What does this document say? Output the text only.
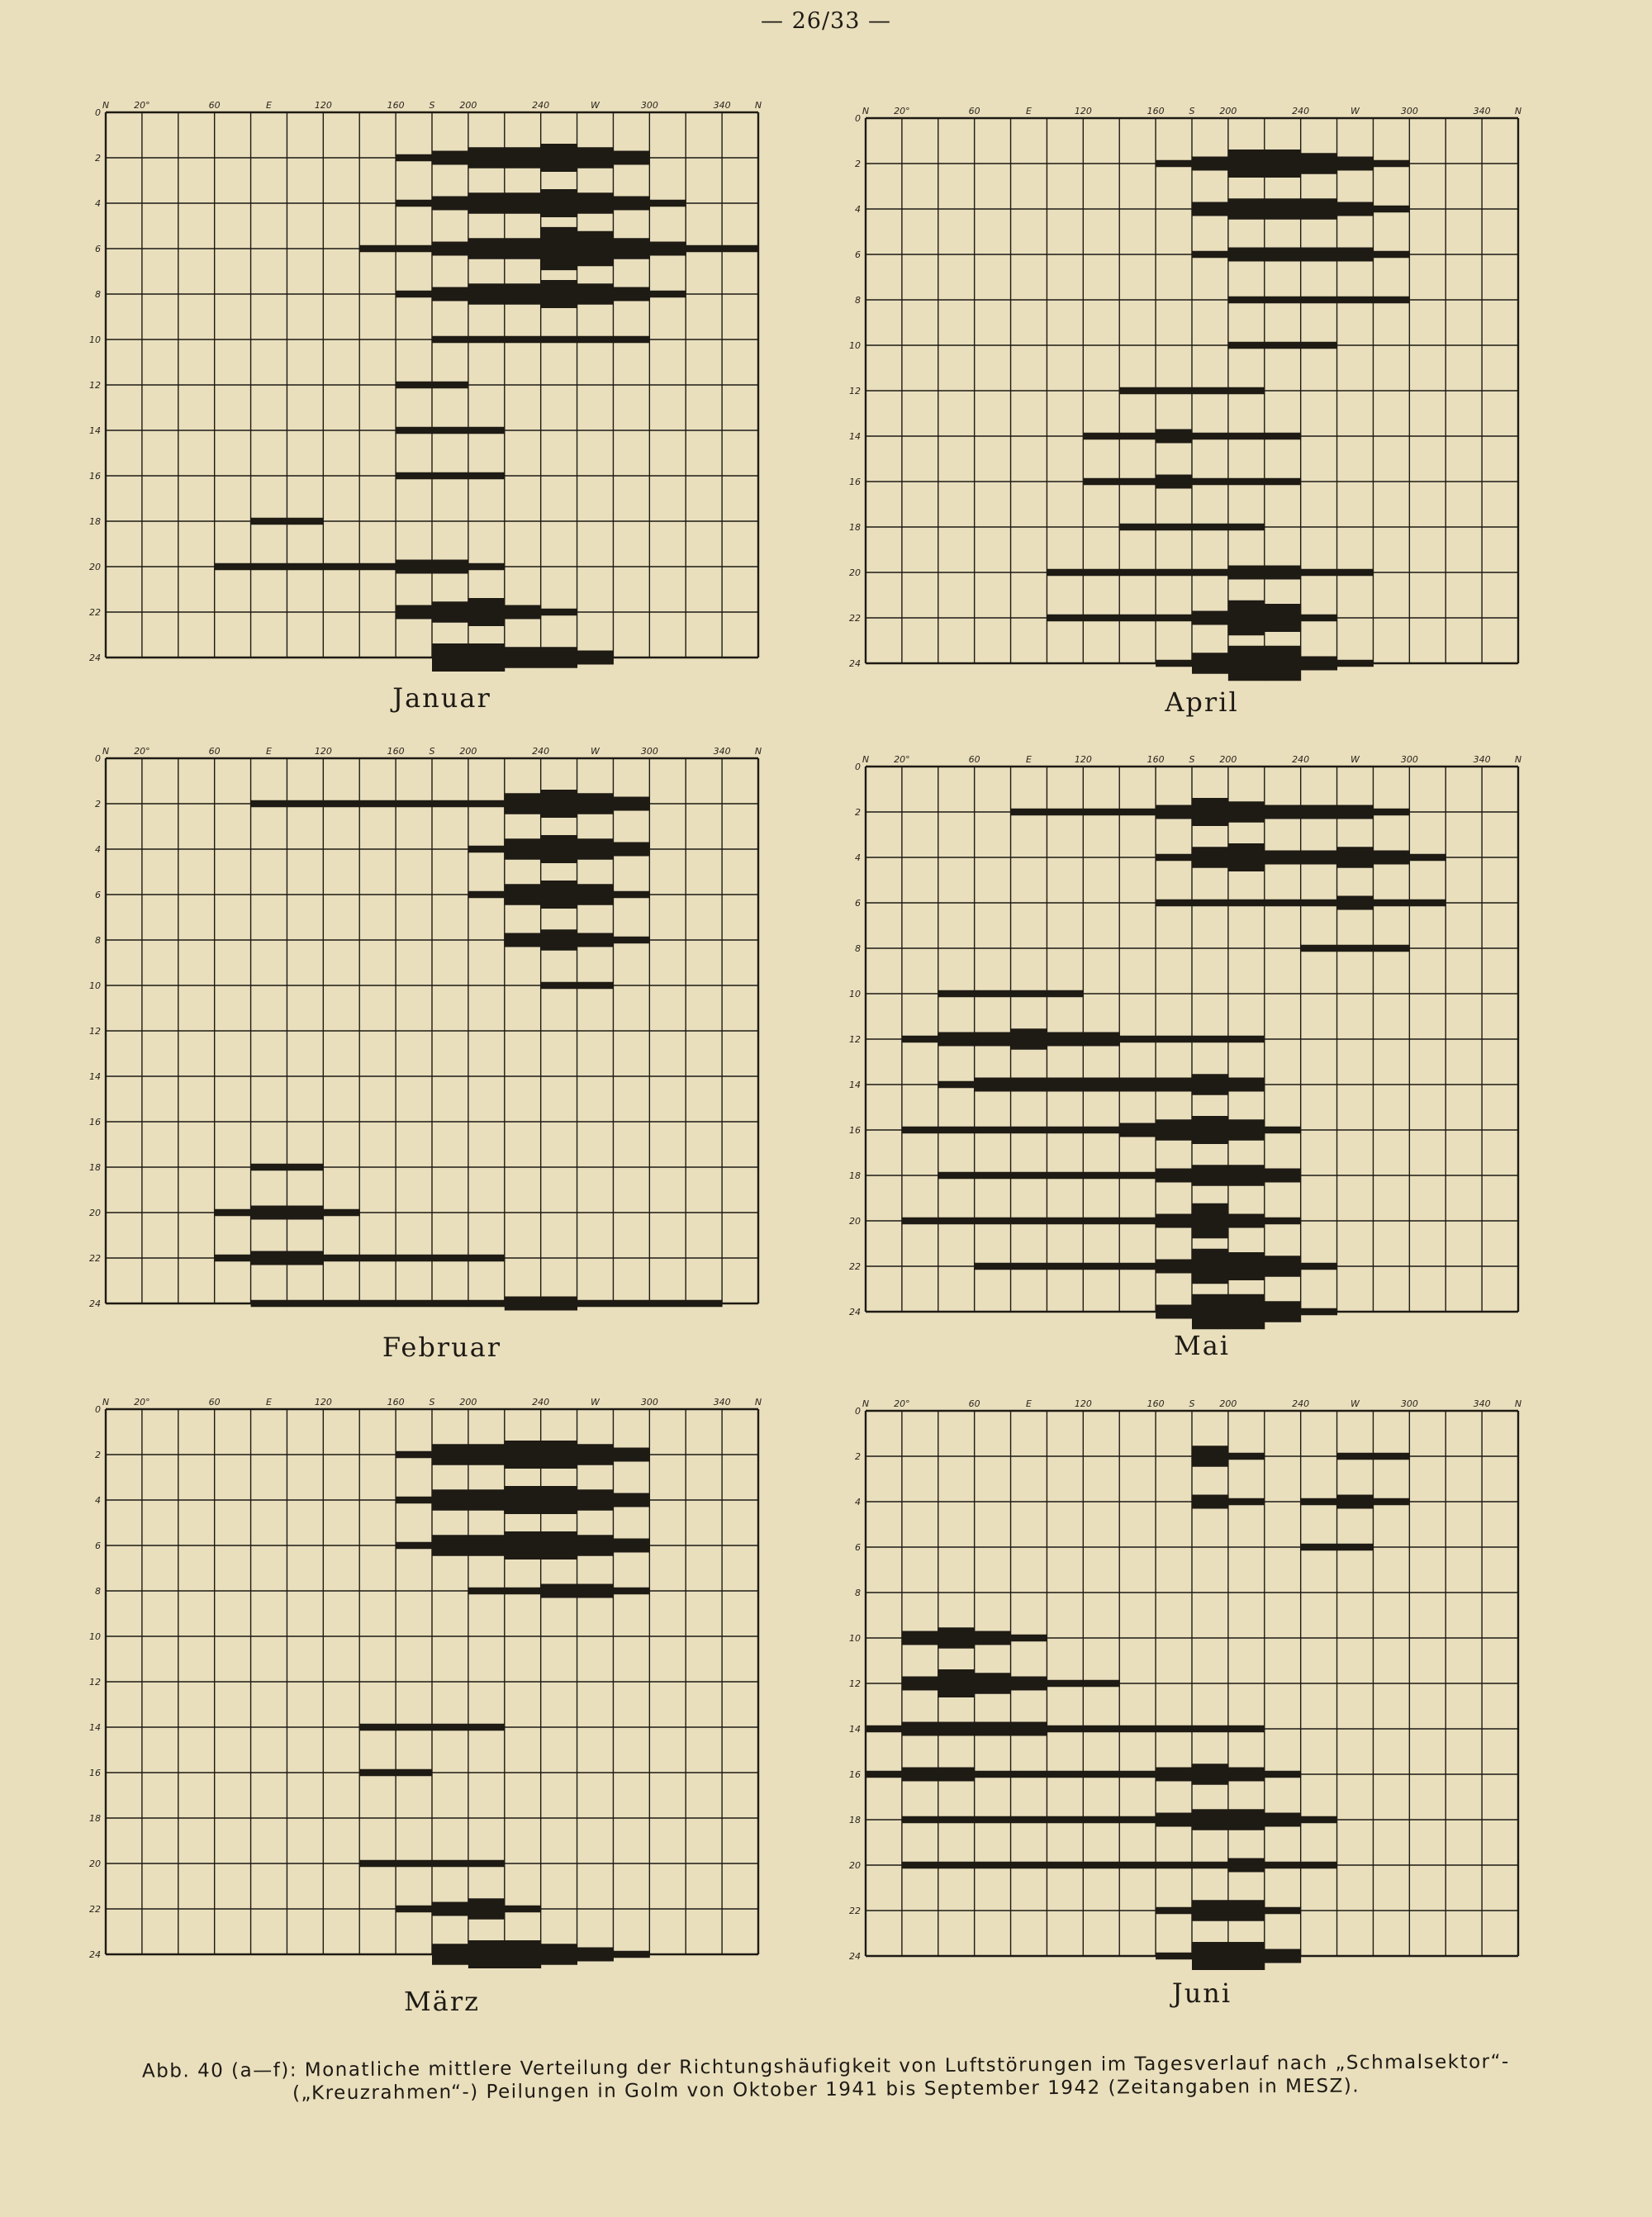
— 26/33 —
N	20°	60	E	120	160	S	200	240	W	300	340	N
0
2
4
6
8
10
12
14
16
18
20
22
24
Januar
N	20°	60	E	120	160	S	200	240	W	300	340	N
0
2
4
6
8
10
12
14
16
18
20
22
24
Februar
N	20°	60	E	120	160	S	200	240	W	300	340	N
0
2
4
6
8
10
12
14
16
18
20
22
24
März
N	20°	60	E	120	160	S	200	240	W	300	340	N
0
2
4
6
8
10
12
14
16
18
20
22
24
April
N	20°	60	E	120	160	S	200	240	W	300	340	N
0
2
4
6
8
10
12
14
16
18
20
22
24
Mai
N	20°	60	E	120	160	S	200	240	W	300	340	N
0
2
4
6
8
10
12
14
16
18
20
22
24
Juni
Abb. 40 (a—f): Monatliche mittlere Verteilung der Richtungshäufigkeit von Luftstörungen im Tagesverlauf nach „Schmalsektor“-
(„Kreuzrahmen“-) Peilungen in Golm von Oktober 1941 bis September 1942 (Zeitangaben in MESZ).
